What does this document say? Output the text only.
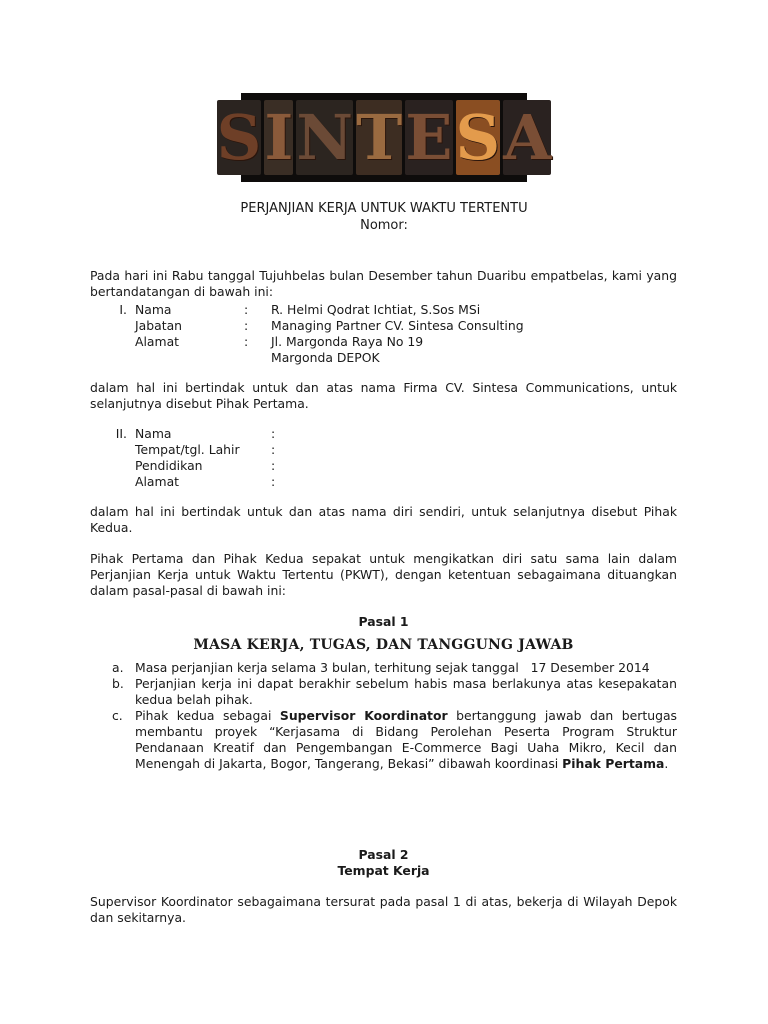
S I N T E S A
PERJANJIAN KERJA UNTUK WAKTU TERTENTU
Nomor:
Pada hari ini Rabu tanggal Tujuhbelas bulan Desember tahun Duaribu empatbelas, kami yang bertandatangan di bawah ini:
I. Nama	:	R. Helmi Qodrat Ichtiat, S.Sos MSi
Jabatan	:	Managing Partner CV. Sintesa Consulting
Alamat	:	Jl. Margonda Raya No 19
Margonda DEPOK
dalam hal ini bertindak untuk dan atas nama Firma CV. Sintesa Communications, untuk selanjutnya disebut Pihak Pertama.
II. Nama	:
Tempat/tgl. Lahir	:
Pendidikan	:
Alamat	:
dalam hal ini bertindak untuk dan atas nama diri sendiri, untuk selanjutnya disebut Pihak Kedua.
Pihak Pertama dan Pihak Kedua sepakat untuk mengikatkan diri satu sama lain dalam Perjanjian Kerja untuk Waktu Tertentu (PKWT), dengan ketentuan sebagaimana dituangkan dalam pasal-pasal di bawah ini:
Pasal 1
MASA KERJA, TUGAS, DAN TANGGUNG JAWAB
a. Masa perjanjian kerja selama 3 bulan, terhitung sejak tanggal   17 Desember 2014
b. Perjanjian kerja ini dapat berakhir sebelum habis masa berlakunya atas kesepakatan kedua belah pihak.
c. Pihak kedua sebagai Supervisor Koordinator bertanggung jawab dan bertugas membantu proyek “Kerjasama di Bidang Perolehan Peserta Program Struktur Pendanaan Kreatif dan Pengembangan E-Commerce Bagi Uaha Mikro, Kecil dan Menengah di Jakarta, Bogor, Tangerang, Bekasi” dibawah koordinasi Pihak Pertama.
Pasal 2
Tempat Kerja
Supervisor Koordinator sebagaimana tersurat pada pasal 1 di atas, bekerja di Wilayah Depok dan sekitarnya.
